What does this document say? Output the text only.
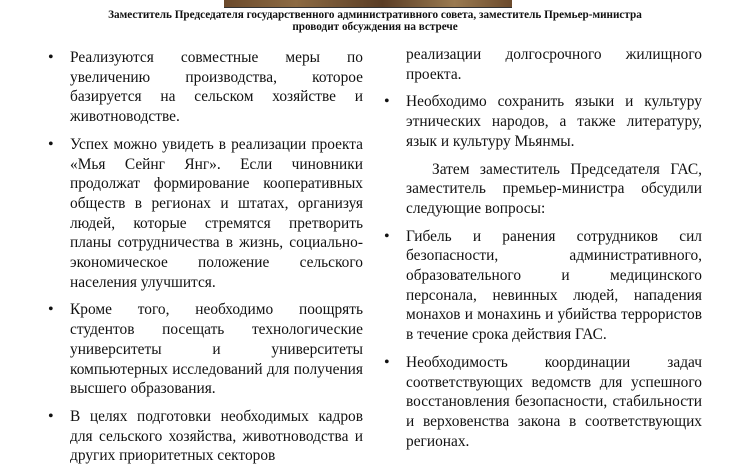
Заместитель Председателя государственного административного совета, заместитель Премьер-министра
проводит обсуждения на встрече
• Реализуются совместные меры по увеличению производства, которое базируется на сельском хозяйстве и животноводстве.
• Успех можно увидеть в реализации проекта «Мья Сейнг Янг». Если чиновники продолжат формирование кооперативных обществ в регионах и штатах, организуя людей, которые стремятся претворить планы сотрудничества в жизнь, социально-экономическое положение сельского населения улучшится.
• Кроме того, необходимо поощрять студентов посещать технологические университеты и университеты компьютерных исследований для получения высшего образования.
• В целях подготовки необходимых кадров для сельского хозяйства, животноводства и других приоритетных секторов
реализации долгосрочного жилищного проекта.
• Необходимо сохранить языки и культуру этнических народов, а также литературу, язык и культуру Мьянмы.
Затем заместитель Председателя ГАС, заместитель премьер-министра обсудили следующие вопросы:
• Гибель и ранения сотрудников сил безопасности, административного, образовательного и медицинского персонала, невинных людей, нападения монахов и монахинь и убийства террористов в течение срока действия ГАС.
• Необходимость координации задач соответствующих ведомств для успешного восстановления безопасности, стабильности и верховенства закона в соответствующих регионах.
